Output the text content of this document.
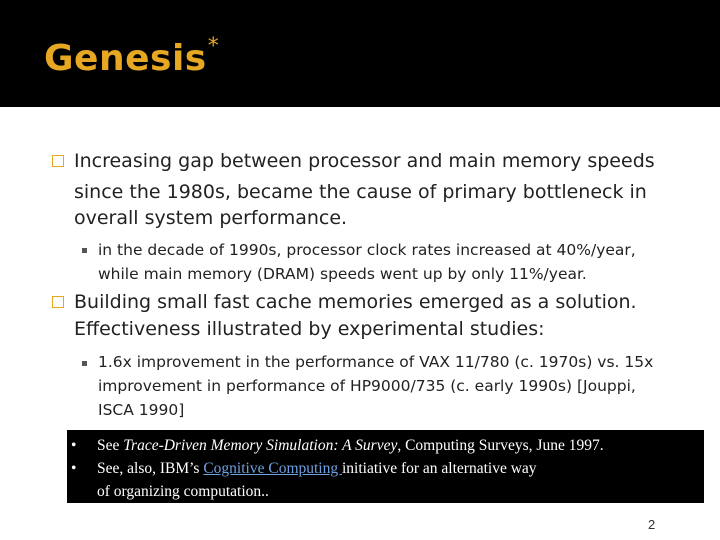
Genesis*
Increasing gap between processor and main memory speeds
since the 1980s, became the cause of primary bottleneck in
overall system performance.
in the decade of 1990s, processor clock rates increased at 40%/year,
while main memory (DRAM) speeds went up by only 11%/year.
Building small fast cache memories emerged as a solution.
Effectiveness illustrated by experimental studies:
1.6x improvement in the performance of VAX 11/780 (c. 1970s) vs. 15x
improvement in performance of HP9000/735 (c. early 1990s) [Jouppi,
ISCA 1990]
•	See Trace-Driven Memory Simulation: A Survey, Computing Surveys, June 1997.
•	See, also, IBM’s Cognitive Computing initiative for an alternative way
of organizing computation..
2
